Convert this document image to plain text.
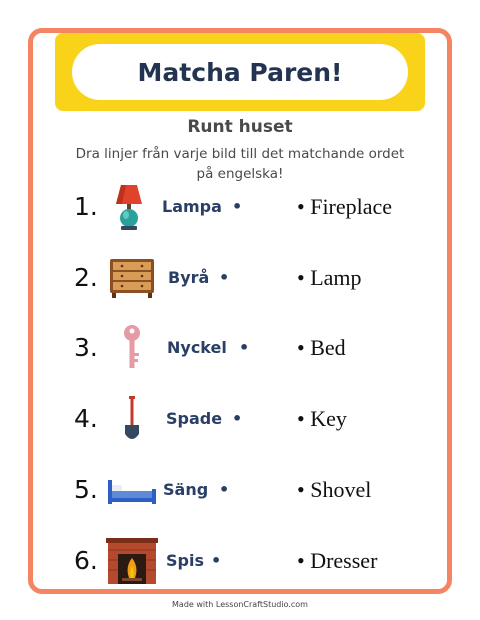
Matcha Paren!
Runt huset
Dra linjer från varje bild till det matchande ordet på engelska!
1.	Lampa • • Fireplace
2.	Byrå •	• Lamp
3.	Nyckel • • Bed
4.	Spade • • Key
5.	Säng •	• Shovel
6.	Spis •	• Dresser
Made with LessonCraftStudio.com
